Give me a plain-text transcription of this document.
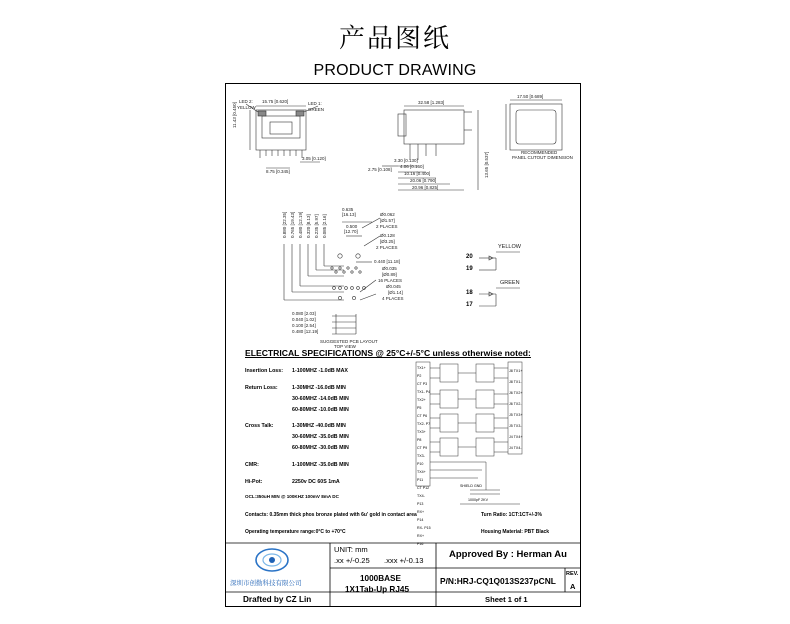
产品图纸
PRODUCT DRAWING
LED 2:
YELLOW
15.75 [0.620]	LED 1:
GREEN
11.43 [0.450]
8.75 [0.345]
3.05 [0.120]
32.58 [1.283]
3.30 [0.130]
4.06 [0.160]
2.75 [0.108]
10.16 [0.400]
20.06 [0.790]
20.96 [0.825]
13.65 [0.537]
17.50 [0.689]
RECOMMENDED
PANEL CUTOUT DIMENSION
0.880 [22.35] 0.765 [19.43] 0.480 [12.19] 0.320 [8.13] 0.235 [5.97] 0.085 [2.16]
0.635
[16.13]
0.500
[12.70]
Ø0.062
[Ø1.57]
2 PLACES
Ø0.128
[Ø3.25]
2 PLACES
0.440 [11.18]
Ø0.035
[Ø0.89]
16 PLACES
Ø0.045
[Ø1.14]
4 PLACES
0.080 [2.03]
0.040 [1.02]
0.100 [2.54]
0.480 [12.19]
SUGGESTED PCB LAYOUT
TOP VIEW
YELLOW
GREEN
20
19
18
17
TX1+ P2
CT P3
TX1- P4
TX2+ P5
CT P6
TX2- P7
TX3+ P8
CT P9
TX3- P10
TX4+ P11
CT P12
TX4- P13
RX+ P14
RX- P15
RX+ P16
J8 TX1+
J8 TX1-
J6 TX2+
J6 TX2-
J5 TX3+
J5 TX3-
J4 TX4+
J4 TX4-
SHIELD GND
1000pF 2KV
ELECTRICAL SPECIFICATIONS @ 25°C+/-5°C unless otherwise noted:
Insertion Loss: 1-100MHZ -1.0dB MAX
Return Loss:	1-30MHZ -16.0dB MIN
30-60MHZ -14.0dB MIN
60-80MHZ -10.0dB MIN
Cross Talk:	1-30MHZ -40.0dB MIN
30-60MHZ -35.0dB MIN
60-80MHZ -30.0dB MIN
CMR:	1-100MHZ -35.0dB MIN
Hi-Pot:	2250v DC 60S 1mA
OCL:350uH MIN @ 100KHZ 100mV 8mA DC
Contacts: 0.35mm thick phos bronze plated with 6u' gold in contact area	Turn Ratio: 1CT:1CT+/-3%
Operating temperature range:0°C to +70°C	Housing Material: PBT Black
深圳市创勤科技有限公司
UNIT: mm
.xx +/-0.25 .xxx +/-0.13
Approved By : Herman Au
1000BASE
1X1Tab-Up RJ45
P/N:HRJ-CQ1Q013S237pCNL
REV.
A
Drafted by CZ Lin	Sheet 1 of 1
